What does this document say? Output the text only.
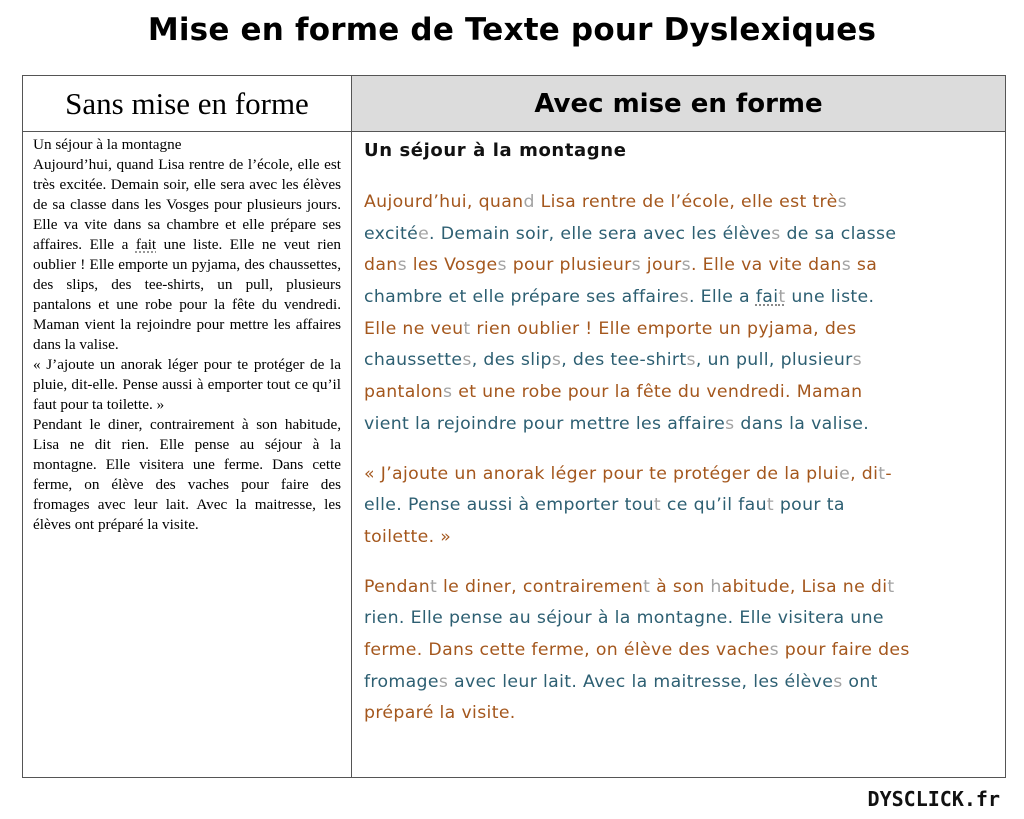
Mise en forme de Texte pour Dyslexiques
Sans mise en forme	Avec mise en forme

Un séjour à la montagne

Aujourd’hui, quand Lisa rentre de l’école, elle est très excitée. Demain soir, elle sera avec les élèves de sa classe dans les Vosges pour plusieurs jours. Elle va vite dans sa chambre et elle prépare ses affaires. Elle a fait une liste. Elle ne veut rien oublier ! Elle emporte un pyjama, des chaussettes, des slips, des tee-shirts, un pull, plusieurs pantalons et une robe pour la fête du vendredi. Maman vient la rejoindre pour mettre les affaires dans la valise.

« J’ajoute un anorak léger pour te protéger de la pluie, dit-elle. Pense aussi à emporter tout ce qu’il faut pour ta toilette. »

Pendant le diner, contrairement à son habitude, Lisa ne dit rien. Elle pense au séjour à la montagne. Elle visitera une ferme. Dans cette ferme, on élève des vaches pour faire des fromages avec leur lait. Avec la maitresse, les élèves ont préparé la visite.

Un séjour à la montagne
Aujourd’hui, quand Lisa rentre de l’école, elle est très
excitée. Demain soir, elle sera avec les élèves de sa classe
dans les Vosges pour plusieurs jours. Elle va vite dans sa
chambre et elle prépare ses affaires. Elle a fait une liste.
Elle ne veut rien oublier ! Elle emporte un pyjama, des
chaussettes, des slips, des tee-shirts, un pull, plusieurs
pantalons et une robe pour la fête du vendredi. Maman
vient la rejoindre pour mettre les affaires dans la valise.
« J’ajoute un anorak léger pour te protéger de la pluie, dit-
elle. Pense aussi à emporter tout ce qu’il faut pour ta
toilette. »
Pendant le diner, contrairement à son habitude, Lisa ne dit
rien. Elle pense au séjour à la montagne. Elle visitera une
ferme. Dans cette ferme, on élève des vaches pour faire des
fromages avec leur lait. Avec la maitresse, les élèves ont
préparé la visite.
DYSCLICK.fr
